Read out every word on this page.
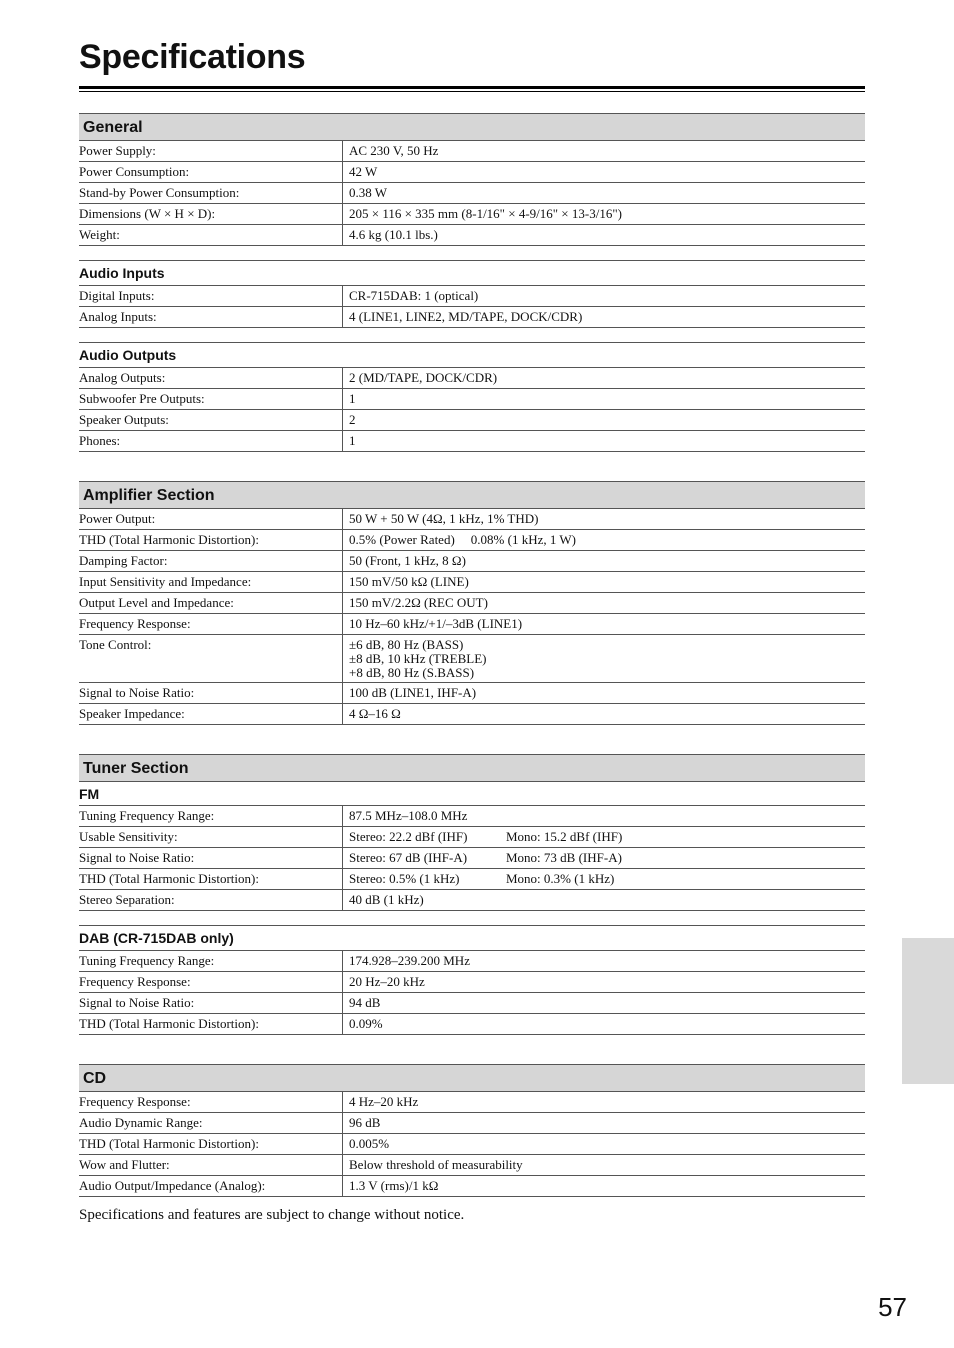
Specifications
General
Power Supply:	AC 230 V, 50 Hz
Power Consumption:	42 W
Stand-by Power Consumption:	0.38 W
Dimensions (W × H × D):	205 × 116 × 335 mm (8-1/16" × 4-9/16" × 13-3/16")
Weight:	4.6 kg (10.1 lbs.)
Audio Inputs
Digital Inputs:	CR-715DAB: 1 (optical)
Analog Inputs:	4 (LINE1, LINE2, MD/TAPE, DOCK/CDR)
Audio Outputs
Analog Outputs:	2 (MD/TAPE, DOCK/CDR)
Subwoofer Pre Outputs:	1
Speaker Outputs:	2
Phones:	1
Amplifier Section
Power Output:	50 W + 50 W (4Ω, 1 kHz, 1% THD)
THD (Total Harmonic Distortion):	0.5% (Power Rated) 0.08% (1 kHz, 1 W)
Damping Factor:	50 (Front, 1 kHz, 8 Ω)
Input Sensitivity and Impedance:	150 mV/50 kΩ (LINE)
Output Level and Impedance:	150 mV/2.2Ω (REC OUT)
Frequency Response:	10 Hz–60 kHz/+1/–3dB (LINE1)
Tone Control:	±6 dB, 80 Hz (BASS)
±8 dB, 10 kHz (TREBLE)
+8 dB, 80 Hz (S.BASS)
Signal to Noise Ratio:	100 dB (LINE1, IHF-A)
Speaker Impedance:	4 Ω–16 Ω
Tuner Section
FM
Tuning Frequency Range:	87.5 MHz–108.0 MHz
Usable Sensitivity:	Stereo: 22.2 dBf (IHF)	Mono: 15.2 dBf (IHF)
Signal to Noise Ratio:	Stereo: 67 dB (IHF-A)	Mono: 73 dB (IHF-A)
THD (Total Harmonic Distortion):	Stereo: 0.5% (1 kHz)	Mono: 0.3% (1 kHz)
Stereo Separation:	40 dB (1 kHz)
DAB (CR-715DAB only)
Tuning Frequency Range:	174.928–239.200 MHz
Frequency Response:	20 Hz–20 kHz
Signal to Noise Ratio:	94 dB
THD (Total Harmonic Distortion):	0.09%
CD
Frequency Response:	4 Hz–20 kHz
Audio Dynamic Range:	96 dB
THD (Total Harmonic Distortion):	0.005%
Wow and Flutter:	Below threshold of measurability
Audio Output/Impedance (Analog):	1.3 V (rms)/1 kΩ
Specifications and features are subject to change without notice.
57
